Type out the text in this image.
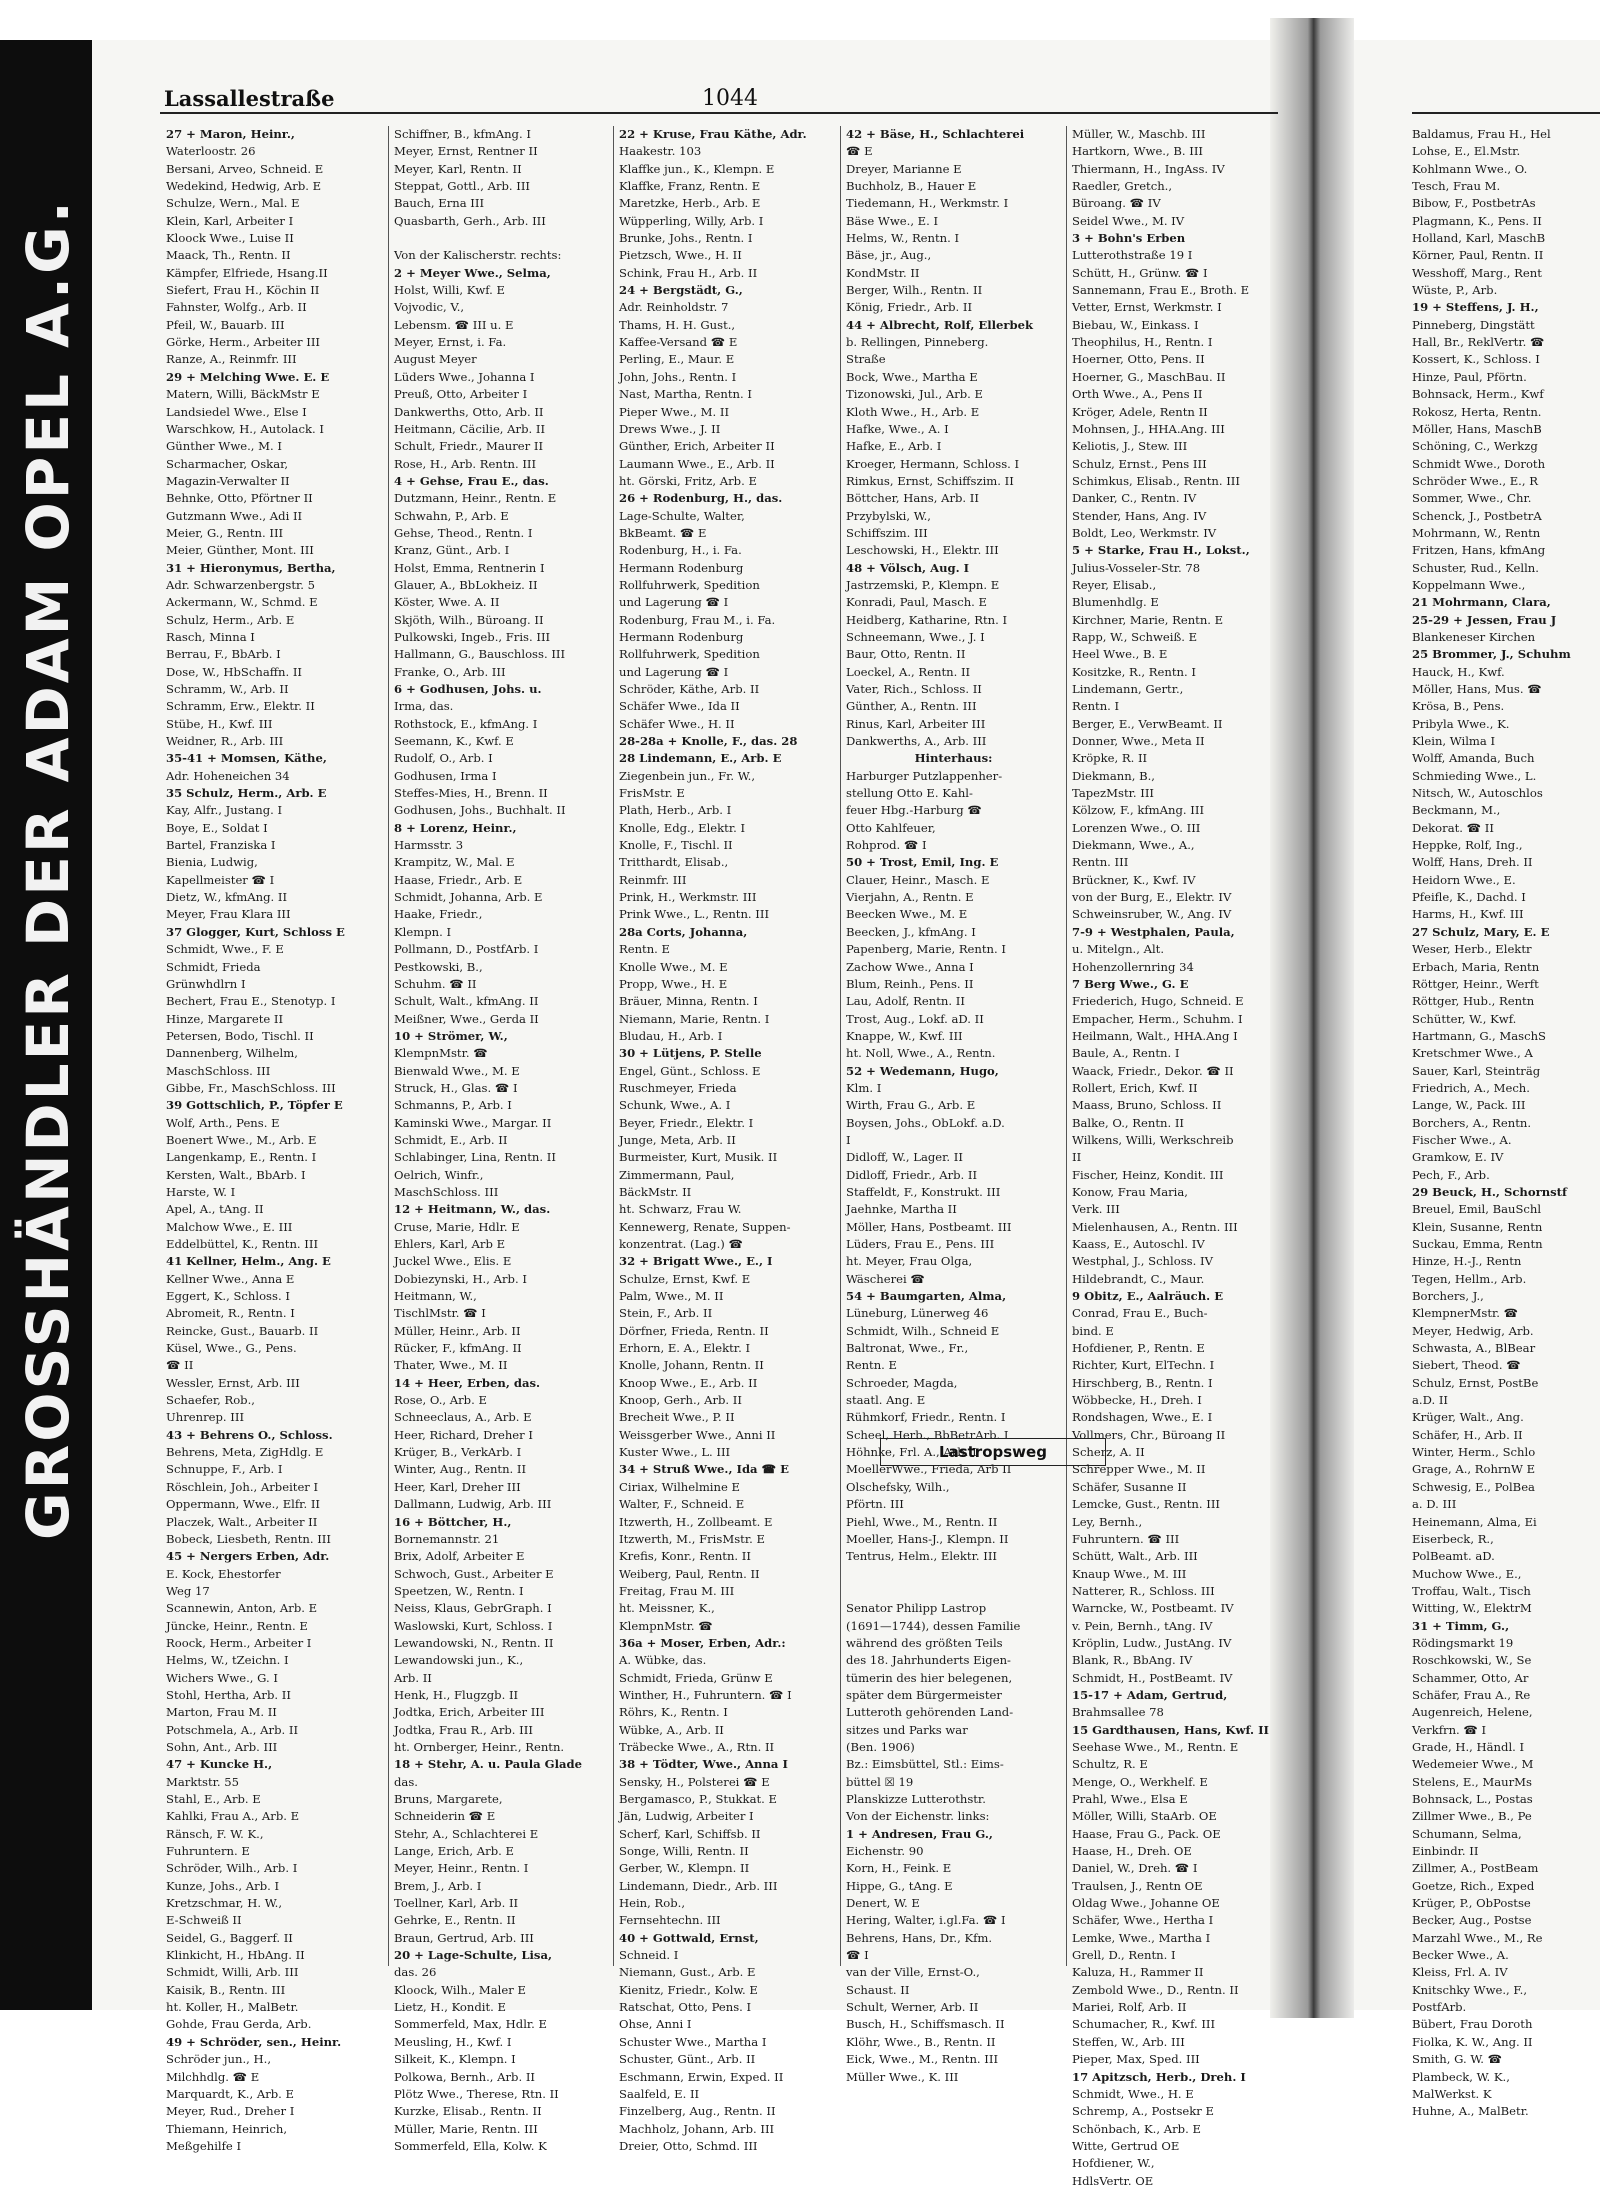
GROSSHÄNDLER DER ADAM OPEL A.G.
Lassallestraße	1044
27 + Maron, Heinr.,
Waterloostr. 26
Bersani, Arveo, Schneid. E
Wedekind, Hedwig, Arb. E
Schulze, Wern., Mal. E
Klein, Karl, Arbeiter I
Kloock Wwe., Luise II
Maack, Th., Rentn. II
Kämpfer, Elfriede, Hsang.II
Siefert, Frau H., Köchin II
Fahnster, Wolfg., Arb. II
Pfeil, W., Bauarb. III
Görke, Herm., Arbeiter III
Ranze, A., Reinmfr. III
29 + Melching Wwe. E. E
Matern, Willi, BäckMstr E
Landsiedel Wwe., Else I
Warschkow, H., Autolack. I
Günther Wwe., M. I
Scharmacher, Oskar,
Magazin-Verwalter II
Behnke, Otto, Pförtner II
Gutzmann Wwe., Adi II
Meier, G., Rentn. III
Meier, Günther, Mont. III
31 + Hieronymus, Bertha,
Adr. Schwarzenbergstr. 5
Ackermann, W., Schmd. E
Schulz, Herm., Arb. E
Rasch, Minna I
Berrau, F., BbArb. I
Dose, W., HbSchaffn. II
Schramm, W., Arb. II
Schramm, Erw., Elektr. II
Stübe, H., Kwf. III
Weidner, R., Arb. III
35-41 + Momsen, Käthe,
Adr. Hoheneichen 34
35 Schulz, Herm., Arb. E
Kay, Alfr., Justang. I
Boye, E., Soldat I
Bartel, Franziska I
Bienia, Ludwig,
Kapellmeister ☎ I
Dietz, W., kfmAng. II
Meyer, Frau Klara III
37 Glogger, Kurt, Schloss E
Schmidt, Wwe., F. E
Schmidt, Frieda
Grünwhdlrn I
Bechert, Frau E., Stenotyp. I
Hinze, Margarete II
Petersen, Bodo, Tischl. II
Dannenberg, Wilhelm,
MaschSchloss. III
Gibbe, Fr., MaschSchloss. III
39 Gottschlich, P., Töpfer E
Wolf, Arth., Pens. E
Boenert Wwe., M., Arb. E
Langenkamp, E., Rentn. I
Kersten, Walt., BbArb. I
Harste, W. I
Apel, A., tAng. II
Malchow Wwe., E. III
Eddelbüttel, K., Rentn. III
41 Kellner, Helm., Ang. E
Kellner Wwe., Anna E
Eggert, K., Schloss. I
Abromeit, R., Rentn. I
Reincke, Gust., Bauarb. II
Küsel, Wwe., G., Pens.
☎ II
Wessler, Ernst, Arb. III
Schaefer, Rob.,
Uhrenrep. III
43 + Behrens O., Schloss.
Behrens, Meta, ZigHdlg. E
Schnuppe, F., Arb. I
Röschlein, Joh., Arbeiter I
Oppermann, Wwe., Elfr. II
Placzek, Walt., Arbeiter II
Bobeck, Liesbeth, Rentn. III
45 + Nergers Erben, Adr.
E. Kock, Ehestorfer
Weg 17
Scannewin, Anton, Arb. E
Jüncke, Heinr., Rentn. E
Roock, Herm., Arbeiter I
Helms, W., tZeichn. I
Wichers Wwe., G. I
Stohl, Hertha, Arb. II
Marton, Frau M. II
Potschmela, A., Arb. II
Sohn, Ant., Arb. III
47 + Kuncke H.,
Marktstr. 55
Stahl, E., Arb. E
Kahlki, Frau A., Arb. E
Ränsch, F. W. K.,
Fuhruntern. E
Schröder, Wilh., Arb. I
Kunze, Johs., Arb. I
Kretzschmar, H. W.,
E-Schweiß II
Seidel, G., Baggerf. II
Klinkicht, H., HbAng. II
Schmidt, Willi, Arb. III
Kaisik, B., Rentn. III
ht. Koller, H., MalBetr.
Gohde, Frau Gerda, Arb.
49 + Schröder, sen., Heinr.
Schröder jun., H.,
Milchhdlg. ☎ E
Marquardt, K., Arb. E
Meyer, Rud., Dreher I
Thiemann, Heinrich,
Meßgehilfe I
Schiffner, B., kfmAng. I
Meyer, Ernst, Rentner II
Meyer, Karl, Rentn. II
Steppat, Gottl., Arb. III
Bauch, Erna III
Quasbarth, Gerh., Arb. III

Von der Kalischerstr. rechts:
2 + Meyer Wwe., Selma,
Holst, Willi, Kwf. E
Vojvodic, V.,
Lebensm. ☎ III u. E
Meyer, Ernst, i. Fa.
August Meyer
Lüders Wwe., Johanna I
Preuß, Otto, Arbeiter I
Dankwerths, Otto, Arb. II
Heitmann, Cäcilie, Arb. II
Schult, Friedr., Maurer II
Rose, H., Arb. Rentn. III
4 + Gehse, Frau E., das.
Dutzmann, Heinr., Rentn. E
Schwahn, P., Arb. E
Gehse, Theod., Rentn. I
Kranz, Günt., Arb. I
Holst, Emma, Rentnerin I
Glauer, A., BbLokheiz. II
Köster, Wwe. A. II
Skjöth, Wilh., Büroang. II
Pulkowski, Ingeb., Fris. III
Hallmann, G., Bauschloss. III
Franke, O., Arb. III
6 + Godhusen, Johs. u.
Irma, das.
Rothstock, E., kfmAng. I
Seemann, K., Kwf. E
Rudolf, O., Arb. I
Godhusen, Irma I
Steffes-Mies, H., Brenn. II
Godhusen, Johs., Buchhalt. II
8 + Lorenz, Heinr.,
Harmsstr. 3
Krampitz, W., Mal. E
Haase, Friedr., Arb. E
Schmidt, Johanna, Arb. E
Haake, Friedr.,
Klempn. I
Pollmann, D., PostfArb. I
Pestkowski, B.,
Schuhm. ☎ II
Schult, Walt., kfmAng. II
Meißner, Wwe., Gerda II
10 + Strömer, W.,
KlempnMstr. ☎
Bienwald Wwe., M. E
Struck, H., Glas. ☎ I
Schmanns, P., Arb. I
Kaminski Wwe., Margar. II
Schmidt, E., Arb. II
Schlabinger, Lina, Rentn. II
Oelrich, Winfr.,
MaschSchloss. III
12 + Heitmann, W., das.
Cruse, Marie, Hdlr. E
Ehlers, Karl, Arb E
Juckel Wwe., Elis. E
Dobiezynski, H., Arb. I
Heitmann, W.,
TischlMstr. ☎ I
Müller, Heinr., Arb. II
Rücker, F., kfmAng. II
Thater, Wwe., M. II
14 + Heer, Erben, das.
Rose, O., Arb. E
Schneeclaus, A., Arb. E
Heer, Richard, Dreher I
Krüger, B., VerkArb. I
Winter, Aug., Rentn. II
Heer, Karl, Dreher III
Dallmann, Ludwig, Arb. III
16 + Böttcher, H.,
Bornemannstr. 21
Brix, Adolf, Arbeiter E
Schwoch, Gust., Arbeiter E
Speetzen, W., Rentn. I
Neiss, Klaus, GebrGraph. I
Waslowski, Kurt, Schloss. I
Lewandowski, N., Rentn. II
Lewandowski jun., K.,
Arb. II
Henk, H., Flugzgb. II
Jodtka, Erich, Arbeiter III
Jodtka, Frau R., Arb. III
ht. Ornberger, Heinr., Rentn.
18 + Stehr, A. u. Paula Glade
das.
Bruns, Margarete,
Schneiderin ☎ E
Stehr, A., Schlachterei E
Lange, Erich, Arb. E
Meyer, Heinr., Rentn. I
Brem, J., Arb. I
Toellner, Karl, Arb. II
Gehrke, E., Rentn. II
Braun, Gertrud, Arb. III
20 + Lage-Schulte, Lisa,
das. 26
Kloock, Wilh., Maler E
Lietz, H., Kondit. E
Sommerfeld, Max, Hdlr. E
Meusling, H., Kwf. I
Silkeit, K., Klempn. I
Polkowa, Bernh., Arb. II
Plötz Wwe., Therese, Rtn. II
Kurzke, Elisab., Rentn. II
Müller, Marie, Rentn. III
Sommerfeld, Ella, Kolw. K
22 + Kruse, Frau Käthe, Adr.
Haakestr. 103
Klaffke jun., K., Klempn. E
Klaffke, Franz, Rentn. E
Maretzke, Herb., Arb. E
Wüpperling, Willy, Arb. I
Brunke, Johs., Rentn. I
Pietzsch, Wwe., H. II
Schink, Frau H., Arb. II
24 + Bergstädt, G.,
Adr. Reinholdstr. 7
Thams, H. H. Gust.,
Kaffee-Versand ☎ E
Perling, E., Maur. E
John, Johs., Rentn. I
Nast, Martha, Rentn. I
Pieper Wwe., M. II
Drews Wwe., J. II
Günther, Erich, Arbeiter II
Laumann Wwe., E., Arb. II
ht. Görski, Fritz, Arb. E
26 + Rodenburg, H., das.
Lage-Schulte, Walter,
BkBeamt. ☎ E
Rodenburg, H., i. Fa.
Hermann Rodenburg
Rollfuhrwerk, Spedition
und Lagerung ☎ I
Rodenburg, Frau M., i. Fa.
Hermann Rodenburg
Rollfuhrwerk, Spedition
und Lagerung ☎ I
Schröder, Käthe, Arb. II
Schäfer Wwe., Ida II
Schäfer Wwe., H. II
28-28a + Knolle, F., das. 28
28 Lindemann, E., Arb. E
Ziegenbein jun., Fr. W.,
FrisMstr. E
Plath, Herb., Arb. I
Knolle, Edg., Elektr. I
Knolle, F., Tischl. II
Tritthardt, Elisab.,
Reinmfr. III
Prink, H., Werkmstr. III
Prink Wwe., L., Rentn. III
28a Corts, Johanna,
Rentn. E
Knolle Wwe., M. E
Propp, Wwe., H. E
Bräuer, Minna, Rentn. I
Niemann, Marie, Rentn. I
Bludau, H., Arb. I
30 + Lütjens, P. Stelle
Engel, Günt., Schloss. E
Ruschmeyer, Frieda
Schunk, Wwe., A. I
Beyer, Friedr., Elektr. I
Junge, Meta, Arb. II
Burmeister, Kurt, Musik. II
Zimmermann, Paul,
BäckMstr. II
ht. Schwarz, Frau W.
Kennewerg, Renate, Suppen-
konzentrat. (Lag.) ☎
32 + Brigatt Wwe., E., I
Schulze, Ernst, Kwf. E
Palm, Wwe., M. II
Stein, F., Arb. II
Dörfner, Frieda, Rentn. II
Erhorn, E. A., Elektr. I
Knolle, Johann, Rentn. II
Knoop Wwe., E., Arb. II
Knoop, Gerh., Arb. II
Brecheit Wwe., P. II
Weissgerber Wwe., Anni II
Kuster Wwe., L. III
34 + Struß Wwe., Ida ☎ E
Ciriax, Wilhelmine E
Walter, F., Schneid. E
Itzwerth, H., Zollbeamt. E
Itzwerth, M., FrisMstr. E
Krefis, Konr., Rentn. II
Weiberg, Paul, Rentn. II
Freitag, Frau M. III
ht. Meissner, K.,
KlempnMstr. ☎
36a + Moser, Erben, Adr.:
A. Wübke, das.
Schmidt, Frieda, Grünw E
Winther, H., Fuhruntern. ☎ I
Röhrs, K., Rentn. I
Wübke, A., Arb. II
Träbecke Wwe., A., Rtn. II
38 + Tödter, Wwe., Anna I
Sensky, H., Polsterei ☎ E
Bergamasco, P., Stukkat. E
Jän, Ludwig, Arbeiter I
Scherf, Karl, Schiffsb. II
Songe, Willi, Rentn. II
Gerber, W., Klempn. II
Lindemann, Diedr., Arb. III
Hein, Rob.,
Fernsehtechn. III
40 + Gottwald, Ernst,
Schneid. I
Niemann, Gust., Arb. E
Kienitz, Friedr., Kolw. E
Ratschat, Otto, Pens. I
Ohse, Anni I
Schuster Wwe., Martha I
Schuster, Günt., Arb. II
Eschmann, Erwin, Exped. II
Saalfeld, E. II
Finzelberg, Aug., Rentn. II
Machholz, Johann, Arb. III
Dreier, Otto, Schmd. III
42 + Bäse, H., Schlachterei
☎ E
Dreyer, Marianne E
Buchholz, B., Hauer E
Tiedemann, H., Werkmstr. I
Bäse Wwe., E. I
Helms, W., Rentn. I
Bäse, jr., Aug.,
KondMstr. II
Berger, Wilh., Rentn. II
König, Friedr., Arb. II
44 + Albrecht, Rolf, Ellerbek
b. Rellingen, Pinneberg.
Straße
Bock, Wwe., Martha E
Tizonowski, Jul., Arb. E
Kloth Wwe., H., Arb. E
Hafke, Wwe., A. I
Hafke, E., Arb. I
Kroeger, Hermann, Schloss. I
Rimkus, Ernst, Schiffszim. II
Böttcher, Hans, Arb. II
Przybylski, W.,
Schiffszim. III
Leschowski, H., Elektr. III
48 + Völsch, Aug. I
Jastrzemski, P., Klempn. E
Konradi, Paul, Masch. E
Heidberg, Katharine, Rtn. I
Schneemann, Wwe., J. I
Baur, Otto, Rentn. II
Loeckel, A., Rentn. II
Vater, Rich., Schloss. II
Günther, A., Rentn. III
Rinus, Karl, Arbeiter III
Dankwerths, A., Arb. III
Hinterhaus:
Harburger Putzlappenher-
stellung Otto E. Kahl-
feuer Hbg.-Harburg ☎
Otto Kahlfeuer,
Rohprod. ☎ I
50 + Trost, Emil, Ing. E
Clauer, Heinr., Masch. E
Vierjahn, A., Rentn. E
Beecken Wwe., M. E
Beecken, J., kfmAng. I
Papenberg, Marie, Rentn. I
Zachow Wwe., Anna I
Blum, Reinh., Pens. II
Lau, Adolf, Rentn. II
Trost, Aug., Lokf. aD. II
Knappe, W., Kwf. III
ht. Noll, Wwe., A., Rentn.
52 + Wedemann, Hugo,
Klm. I
Wirth, Frau G., Arb. E
Boysen, Johs., ObLokf. a.D.
I
Didloff, W., Lager. II
Didloff, Friedr., Arb. II
Staffeldt, F., Konstrukt. III
Jaehnke, Martha II
Möller, Hans, Postbeamt. III
Lüders, Frau E., Pens. III
ht. Meyer, Frau Olga,
Wäscherei ☎
54 + Baumgarten, Alma,
Lüneburg, Lünerweg 46
Schmidt, Wilh., Schneid E
Baltronat, Wwe., Fr.,
Rentn. E
Schroeder, Magda,
staatl. Ang. E
Rühmkorf, Friedr., Rentn. I
Scheel, Herb., BbBetrArb. I
Höhnke, Frl. A., Arb. I
MoellerWwe., Frieda, Arb II
Olschefsky, Wilh.,
Pförtn. III
Piehl, Wwe., M., Rentn. II
Moeller, Hans-J., Klempn. II
Tentrus, Helm., Elektr. III

Senator Philipp Lastrop
(1691—1744), dessen Familie
während des größten Teils
des 18. Jahrhunderts Eigen-
tümerin des hier belegenen,
später dem Bürgermeister
Lutteroth gehörenden Land-
sitzes und Parks war
(Ben. 1906)
Bz.: Eimsbüttel, Stl.: Eims-
büttel ☒ 19
Planskizze Lutterothstr.
Von der Eichenstr. links:
1 + Andresen, Frau G.,
Eichenstr. 90
Korn, H., Feink. E
Hippe, G., tAng. E
Denert, W. E
Hering, Walter, i.gl.Fa. ☎ I
Behrens, Hans, Dr., Kfm.
☎ I
van der Ville, Ernst-O.,
Schaust. II
Schult, Werner, Arb. II
Busch, H., Schiffsmasch. II
Klöhr, Wwe., B., Rentn. II
Eick, Wwe., M., Rentn. III
Müller Wwe., K. III
Müller, W., Maschb. III
Hartkorn, Wwe., B. III
Thiermann, H., IngAss. IV
Raedler, Gretch.,
Büroang. ☎ IV
Seidel Wwe., M. IV
3 + Bohn's Erben
Lutterothstraße 19 I
Schütt, H., Grünw. ☎ I
Sannemann, Frau E., Broth. E
Vetter, Ernst, Werkmstr. I
Biebau, W., Einkass. I
Theophilus, H., Rentn. I
Hoerner, Otto, Pens. II
Hoerner, G., MaschBau. II
Orth Wwe., A., Pens II
Kröger, Adele, Rentn II
Mohnsen, J., HHA.Ang. III
Keliotis, J., Stew. III
Schulz, Ernst., Pens III
Schimkus, Elisab., Rentn. III
Danker, C., Rentn. IV
Stender, Hans, Ang. IV
Boldt, Leo, Werkmstr. IV
5 + Starke, Frau H., Lokst.,
Julius-Vosseler-Str. 78
Reyer, Elisab.,
Blumenhdlg. E
Kirchner, Marie, Rentn. E
Rapp, W., Schweiß. E
Heel Wwe., B. E
Kositzke, R., Rentn. I
Lindemann, Gertr.,
Rentn. I
Berger, E., VerwBeamt. II
Donner, Wwe., Meta II
Kröpke, R. II
Diekmann, B.,
TapezMstr. III
Kölzow, F., kfmAng. III
Lorenzen Wwe., O. III
Diekmann, Wwe., A.,
Rentn. III
Brückner, K., Kwf. IV
von der Burg, E., Elektr. IV
Schweinsruber, W., Ang. IV
7-9 + Westphalen, Paula,
u. Mitelgn., Alt.
Hohenzollernring 34
7 Berg Wwe., G. E
Friederich, Hugo, Schneid. E
Empacher, Herm., Schuhm. I
Heilmann, Walt., HHA.Ang I
Baule, A., Rentn. I
Waack, Friedr., Dekor. ☎ II
Rollert, Erich, Kwf. II
Maass, Bruno, Schloss. II
Balke, O., Rentn. II
Wilkens, Willi, Werkschreib
II
Fischer, Heinz, Kondit. III
Konow, Frau Maria,
Verk. III
Mielenhausen, A., Rentn. III
Kaass, E., Autoschl. IV
Westphal, J., Schloss. IV
Hildebrandt, C., Maur.
9 Obitz, E., Aalräuch. E
Conrad, Frau E., Buch-
bind. E
Hofdiener, P., Rentn. E
Richter, Kurt, ElTechn. I
Hirschberg, B., Rentn. I
Wöbbecke, H., Dreh. I
Rondshagen, Wwe., E. I
Vollmers, Chr., Büroang II
Scherz, A. II
Schrepper Wwe., M. II
Schäfer, Susanne II
Lemcke, Gust., Rentn. III
Ley, Bernh.,
Fuhruntern. ☎ III
Schütt, Walt., Arb. III
Knaup Wwe., M. III
Natterer, R., Schloss. III
Warncke, W., Postbeamt. IV
v. Pein, Bernh., tAng. IV
Kröplin, Ludw., JustAng. IV
Blank, R., BbAng. IV
Schmidt, H., PostBeamt. IV
15-17 + Adam, Gertrud,
Brahmsallee 78
15 Gardthausen, Hans, Kwf. II
Seehase Wwe., M., Rentn. E
Schultz, R. E
Menge, O., Werkhelf. E
Prahl, Wwe., Elsa E
Möller, Willi, StaArb. OE
Haase, Frau G., Pack. OE
Haase, H., Dreh. OE
Daniel, W., Dreh. ☎ I
Traulsen, J., Rentn OE
Oldag Wwe., Johanne OE
Schäfer, Wwe., Hertha I
Lemke, Wwe., Martha I
Grell, D., Rentn. I
Kaluza, H., Rammer II
Zembold Wwe., D., Rentn. II
Mariei, Rolf, Arb. II
Schumacher, R., Kwf. III
Steffen, W., Arb. III
Pieper, Max, Sped. III
17 Apitzsch, Herb., Dreh. I
Schmidt, Wwe., H. E
Schremp, A., Postsekr E
Schönbach, K., Arb. E
Witte, Gertrud OE
Hofdiener, W.,
HdlsVertr. OE
Baldamus, Frau H., Hel
Lohse, E., El.Mstr.
Kohlmann Wwe., O.
Tesch, Frau M.
Bibow, F., PostbetrAs
Plagmann, K., Pens. II
Holland, Karl, MaschB
Körner, Paul, Rentn. II
Wesshoff, Marg., Rent
Wüste, P., Arb.
19 + Steffens, J. H.,
Pinneberg, Dingstätt
Hall, Br., ReklVertr. ☎
Kossert, K., Schloss. I
Hinze, Paul, Pförtn.
Bohnsack, Herm., Kwf
Rokosz, Herta, Rentn.
Möller, Hans, MaschB
Schöning, C., Werkzg
Schmidt Wwe., Doroth
Schröder Wwe., E., R
Sommer, Wwe., Chr.
Schenck, J., PostbetrA
Mohrmann, W., Rentn
Fritzen, Hans, kfmAng
Schuster, Rud., Kelln.
Koppelmann Wwe.,
21 Mohrmann, Clara,
25-29 + Jessen, Frau J
Blankeneser Kirchen
25 Brommer, J., Schuhm
Hauck, H., Kwf.
Möller, Hans, Mus. ☎
Krösa, B., Pens.
Pribyla Wwe., K.
Klein, Wilma I
Wolff, Amanda, Buch
Schmieding Wwe., L.
Nitsch, W., Autoschlos
Beckmann, M.,
Dekorat. ☎ II
Heppke, Rolf, Ing.,
Wolff, Hans, Dreh. II
Heidorn Wwe., E.
Pfeifle, K., Dachd. I
Harms, H., Kwf. III
27 Schulz, Mary, E. E
Weser, Herb., Elektr
Erbach, Maria, Rentn
Röttger, Heinr., Werft
Röttger, Hub., Rentn
Schütter, W., Kwf.
Hartmann, G., MaschS
Kretschmer Wwe., A
Sauer, Karl, Steinträg
Friedrich, A., Mech.
Lange, W., Pack. III
Borchers, A., Rentn.
Fischer Wwe., A.
Gramkow, E. IV
Pech, F., Arb.
29 Beuck, H., Schornstf
Breuel, Emil, BauSchl
Klein, Susanne, Rentn
Suckau, Emma, Rentn
Hinze, H.-J., Rentn
Tegen, Hellm., Arb.
Borchers, J.,
KlempnerMstr. ☎
Meyer, Hedwig, Arb.
Schwasta, A., BlBear
Siebert, Theod. ☎
Schulz, Ernst, PostBe
a.D. II
Krüger, Walt., Ang.
Schäfer, H., Arb. II
Winter, Herm., Schlo
Grage, A., RohrnW E
Schwesig, E., PolBea
a. D. III
Heinemann, Alma, Ei
Eiserbeck, R.,
PolBeamt. aD.
Muchow Wwe., E.,
Troffau, Walt., Tisch
Witting, W., ElektrM
31 + Timm, G.,
Rödingsmarkt 19
Roschkowski, W., Se
Schammer, Otto, Ar
Schäfer, Frau A., Re
Augenreich, Helene,
Verkfrn. ☎ I
Grade, H., Händl. I
Wedemeier Wwe., M
Stelens, E., MaurMs
Bohnsack, L., Postas
Zillmer Wwe., B., Pe
Schumann, Selma,
Einbindr. II
Zillmer, A., PostBeam
Goetze, Rich., Exped
Krüger, P., ObPostse
Becker, Aug., Postse
Marzahl Wwe., M., Re
Becker Wwe., A.
Kleiss, Frl. A. IV
Knitschky Wwe., F.,
PostfArb.
Bübert, Frau Doroth
Fiolka, K. W., Ang. II
Smith, G. W. ☎
Plambeck, W. K.,
MalWerkst. K
Huhne, A., MalBetr.
Lastropsweg
